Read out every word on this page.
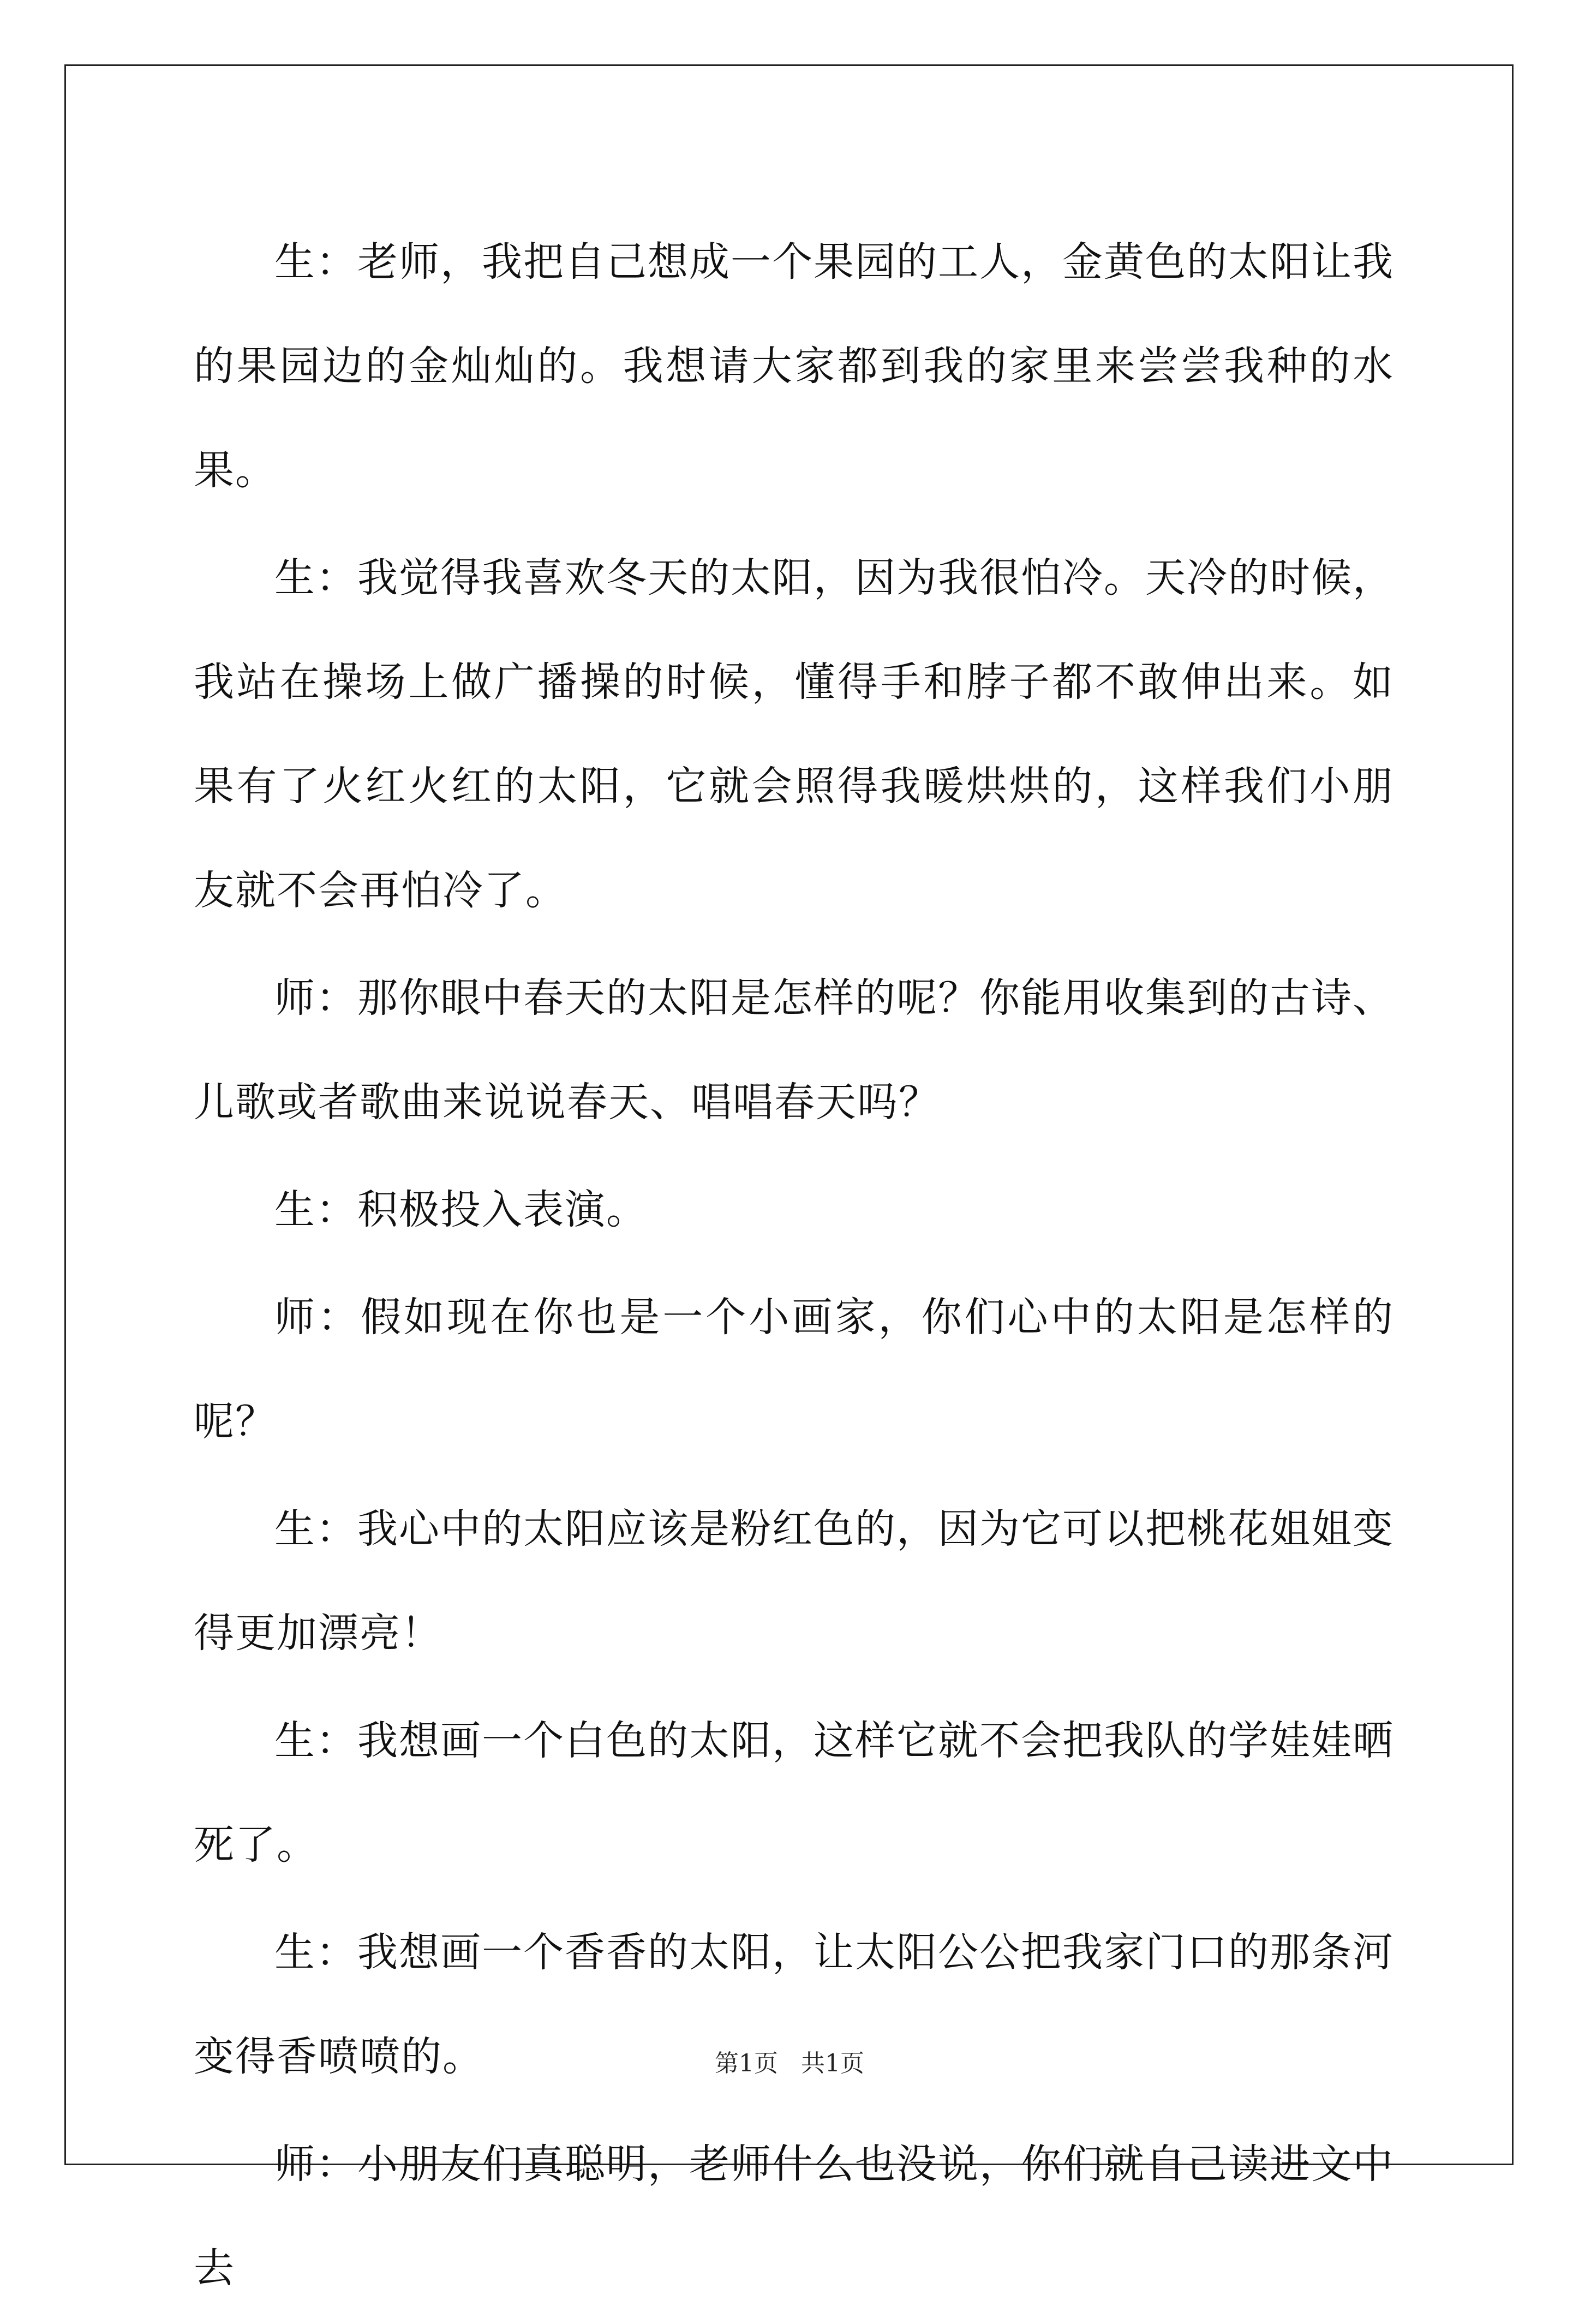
生：老师，我把自己想成一个果园的工人，金黄色的太阳让我的果园边的金灿灿的。我想请大家都到我的家里来尝尝我种的水果。

生：我觉得我喜欢冬天的太阳，因为我很怕冷。天冷的时候，我站在操场上做广播操的时候，懂得手和脖子都不敢伸出来。如果有了火红火红的太阳，它就会照得我暖烘烘的，这样我们小朋友就不会再怕冷了。

师：那你眼中春天的太阳是怎样的呢？你能用收集到的古诗、儿歌或者歌曲来说说春天、唱唱春天吗？

生：积极投入表演。

师：假如现在你也是一个小画家，你们心中的太阳是怎样的呢？

生：我心中的太阳应该是粉红色的，因为它可以把桃花姐姐变得更加漂亮！

生：我想画一个白色的太阳，这样它就不会把我队的学娃娃晒死了。

生：我想画一个香香的太阳，让太阳公公把我家门口的那条河变得香喷喷的。

师：小朋友们真聪明，老师什么也没说，你们就自己读进文中去

第1页 共1页
